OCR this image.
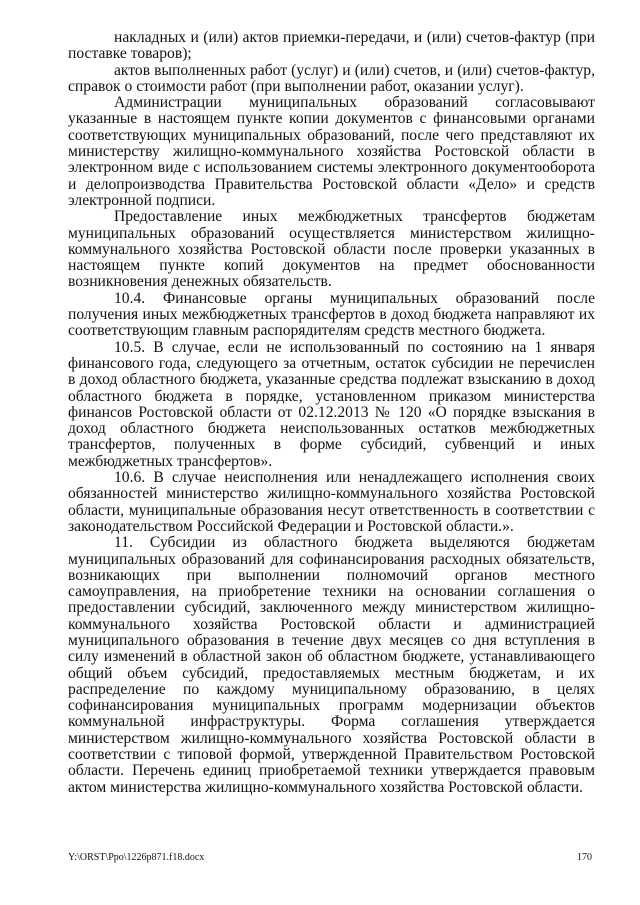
накладных и (или) актов приемки-передачи, и (или) счетов-фактур (при поставке товаров);

актов выполненных работ (услуг) и (или) счетов, и (или) счетов-фактур, справок о стоимости работ (при выполнении работ, оказании услуг).

Администрации муниципальных образований согласовывают указанные в настоящем пункте копии документов с финансовыми органами соответствующих муниципальных образований, после чего представляют их министерству жилищно-коммунального хозяйства Ростовской области в электронном виде с использованием системы электронного документооборота и делопроизводства Правительства Ростовской области «Дело» и средств электронной подписи.

Предоставление иных межбюджетных трансфертов бюджетам муниципальных образований осуществляется министерством жилищно-коммунального хозяйства Ростовской области после проверки указанных в настоящем пункте копий документов на предмет обоснованности возникновения денежных обязательств.

10.4. Финансовые органы муниципальных образований после получения иных межбюджетных трансфертов в доход бюджета направляют их соответствующим главным распорядителям средств местного бюджета.

10.5. В случае, если не использованный по состоянию на 1 января финансового года, следующего за отчетным, остаток субсидии не перечислен в доход областного бюджета, указанные средства подлежат взысканию в доход областного бюджета в порядке, установленном приказом министерства финансов Ростовской области от 02.12.2013 № 120 «О порядке взыскания в доход областного бюджета неиспользованных остатков межбюджетных трансфертов, полученных в форме субсидий, субвенций и иных межбюджетных трансфертов».

10.6. В случае неисполнения или ненадлежащего исполнения своих обязанностей министерство жилищно-коммунального хозяйства Ростовской области, муниципальные образования несут ответственность в соответствии с законодательством Российской Федерации и Ростовской области.».

11. Субсидии из областного бюджета выделяются бюджетам муниципальных образований для софинансирования расходных обязательств, возникающих при выполнении полномочий органов местного самоуправления, на приобретение техники на основании соглашения о предоставлении субсидий, заключенного между министерством жилищно-коммунального хозяйства Ростовской области и администрацией муниципального образования в течение двух месяцев со дня вступления в силу изменений в областной закон об областном бюджете, устанавливающего общий объем субсидий, предоставляемых местным бюджетам, и их распределение по каждому муниципальному образованию, в целях софинансирования муниципальных программ модернизации объектов коммунальной инфраструктуры. Форма соглашения утверждается министерством жилищно-коммунального хозяйства Ростовской области в соответствии с типовой формой, утвержденной Правительством Ростовской области. Перечень единиц приобретаемой техники утверждается правовым актом министерства жилищно-коммунального хозяйства Ростовской области.

Y:\ORST\Ppo\1226p871.f18.docx	170
